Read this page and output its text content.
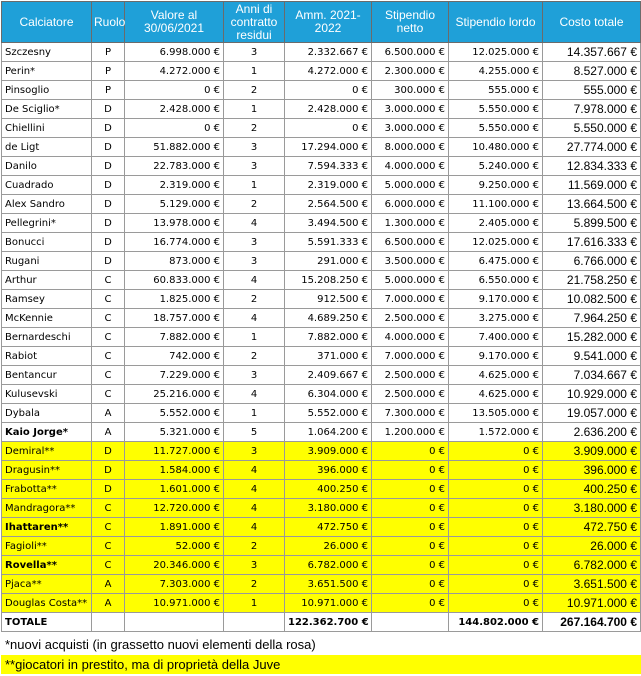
Calciatore	Ruolo	Valore al 30/06/2021	Anni di contratto residui	Amm. 2021-2022	Stipendio netto	Stipendio lordo	Costo totale
Szczesny	P	6.998.000 €	3	2.332.667 €	6.500.000 €	12.025.000 €	14.357.667 €
Perin*	P	4.272.000 €	1	4.272.000 €	2.300.000 €	4.255.000 €	8.527.000 €
Pinsoglio	P	0 €	2	0 €	300.000 €	555.000 €	555.000 €
De Sciglio*	D	2.428.000 €	1	2.428.000 €	3.000.000 €	5.550.000 €	7.978.000 €
Chiellini	D	0 €	2	0 €	3.000.000 €	5.550.000 €	5.550.000 €
de Ligt	D	51.882.000 €	3	17.294.000 €	8.000.000 €	10.480.000 €	27.774.000 €
Danilo	D	22.783.000 €	3	7.594.333 €	4.000.000 €	5.240.000 €	12.834.333 €
Cuadrado	D	2.319.000 €	1	2.319.000 €	5.000.000 €	9.250.000 €	11.569.000 €
Alex Sandro	D	5.129.000 €	2	2.564.500 €	6.000.000 €	11.100.000 €	13.664.500 €
Pellegrini*	D	13.978.000 €	4	3.494.500 €	1.300.000 €	2.405.000 €	5.899.500 €
Bonucci	D	16.774.000 €	3	5.591.333 €	6.500.000 €	12.025.000 €	17.616.333 €
Rugani	D	873.000 €	3	291.000 €	3.500.000 €	6.475.000 €	6.766.000 €
Arthur	C	60.833.000 €	4	15.208.250 €	5.000.000 €	6.550.000 €	21.758.250 €
Ramsey	C	1.825.000 €	2	912.500 €	7.000.000 €	9.170.000 €	10.082.500 €
McKennie	C	18.757.000 €	4	4.689.250 €	2.500.000 €	3.275.000 €	7.964.250 €
Bernardeschi	C	7.882.000 €	1	7.882.000 €	4.000.000 €	7.400.000 €	15.282.000 €
Rabiot	C	742.000 €	2	371.000 €	7.000.000 €	9.170.000 €	9.541.000 €
Bentancur	C	7.229.000 €	3	2.409.667 €	2.500.000 €	4.625.000 €	7.034.667 €
Kulusevski	C	25.216.000 €	4	6.304.000 €	2.500.000 €	4.625.000 €	10.929.000 €
Dybala	A	5.552.000 €	1	5.552.000 €	7.300.000 €	13.505.000 €	19.057.000 €
Kaio Jorge*	A	5.321.000 €	5	1.064.200 €	1.200.000 €	1.572.000 €	2.636.200 €
Demiral**	D	11.727.000 €	3	3.909.000 €	0 €	0 €	3.909.000 €
Dragusin**	D	1.584.000 €	4	396.000 €	0 €	0 €	396.000 €
Frabotta**	D	1.601.000 €	4	400.250 €	0 €	0 €	400.250 €
Mandragora**	C	12.720.000 €	4	3.180.000 €	0 €	0 €	3.180.000 €
Ihattaren**	C	1.891.000 €	4	472.750 €	0 €	0 €	472.750 €
Fagioli**	C	52.000 €	2	26.000 €	0 €	0 €	26.000 €
Rovella**	C	20.346.000 €	3	6.782.000 €	0 €	0 €	6.782.000 €
Pjaca**	A	7.303.000 €	2	3.651.500 €	0 €	0 €	3.651.500 €
Douglas Costa**	A	10.971.000 €	1	10.971.000 €	0 €	0 €	10.971.000 €
TOTALE				122.362.700 €		144.802.000 €	267.164.700 €
*nuovi acquisti (in grassetto nuovi elementi della rosa)
**giocatori in prestito, ma di proprietà della Juve
